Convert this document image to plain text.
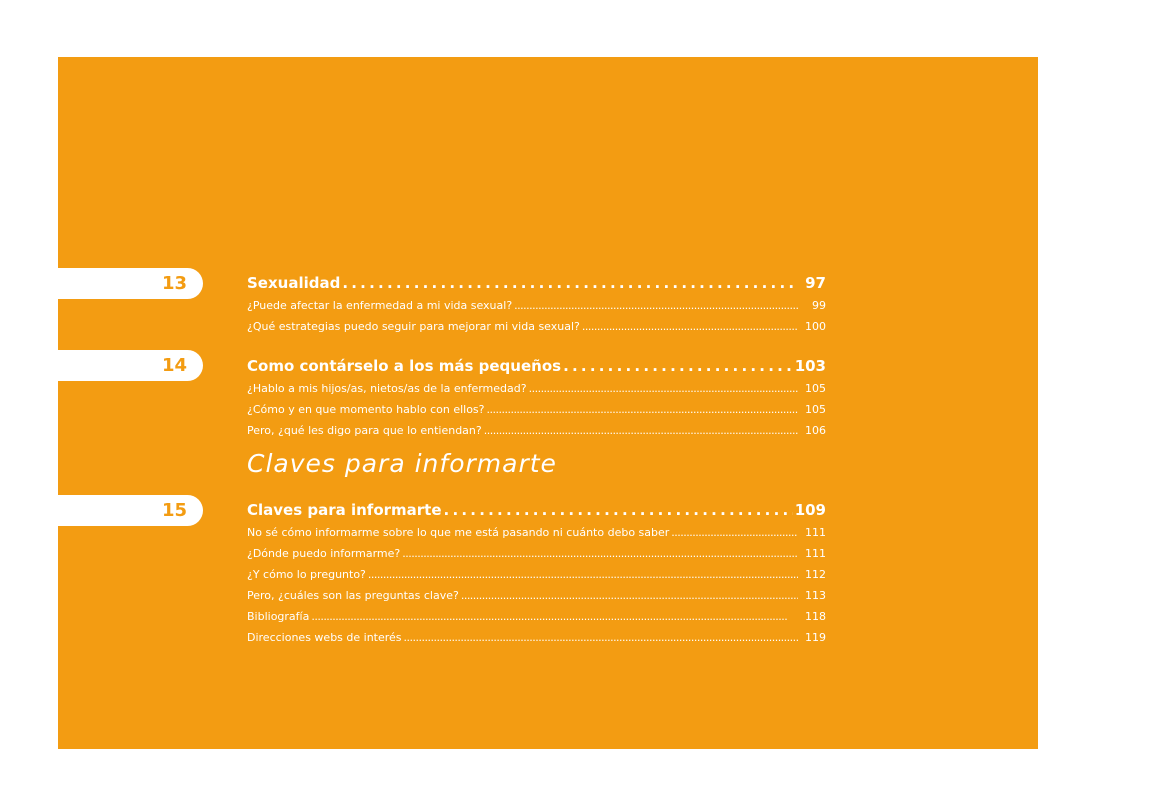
13	Sexualidad . . .	97
¿Puede afectar la enfermedad a mi vida sexual? . . .	99
¿Qué estrategias puedo seguir para mejorar mi vida sexual? . . .	100
14	Como contárselo a los más pequeños . . .	103
¿Hablo a mis hijos/as, nietos/as de la enfermedad? . . .	105
¿Cómo y en que momento hablo con ellos? . . .	105
Pero, ¿qué les digo para que lo entiendan? . . .	106
Claves para informarte
15	Claves para informarte . . .	109
No sé cómo informarme sobre lo que me está pasando ni cuánto debo saber . . .	111
¿Dónde puedo informarme? . . .	111
¿Y cómo lo pregunto? . . .	112
Pero, ¿cuáles son las preguntas clave? . . .	113
Bibliografía . . .	118
Direcciones webs de interés . . .	119
